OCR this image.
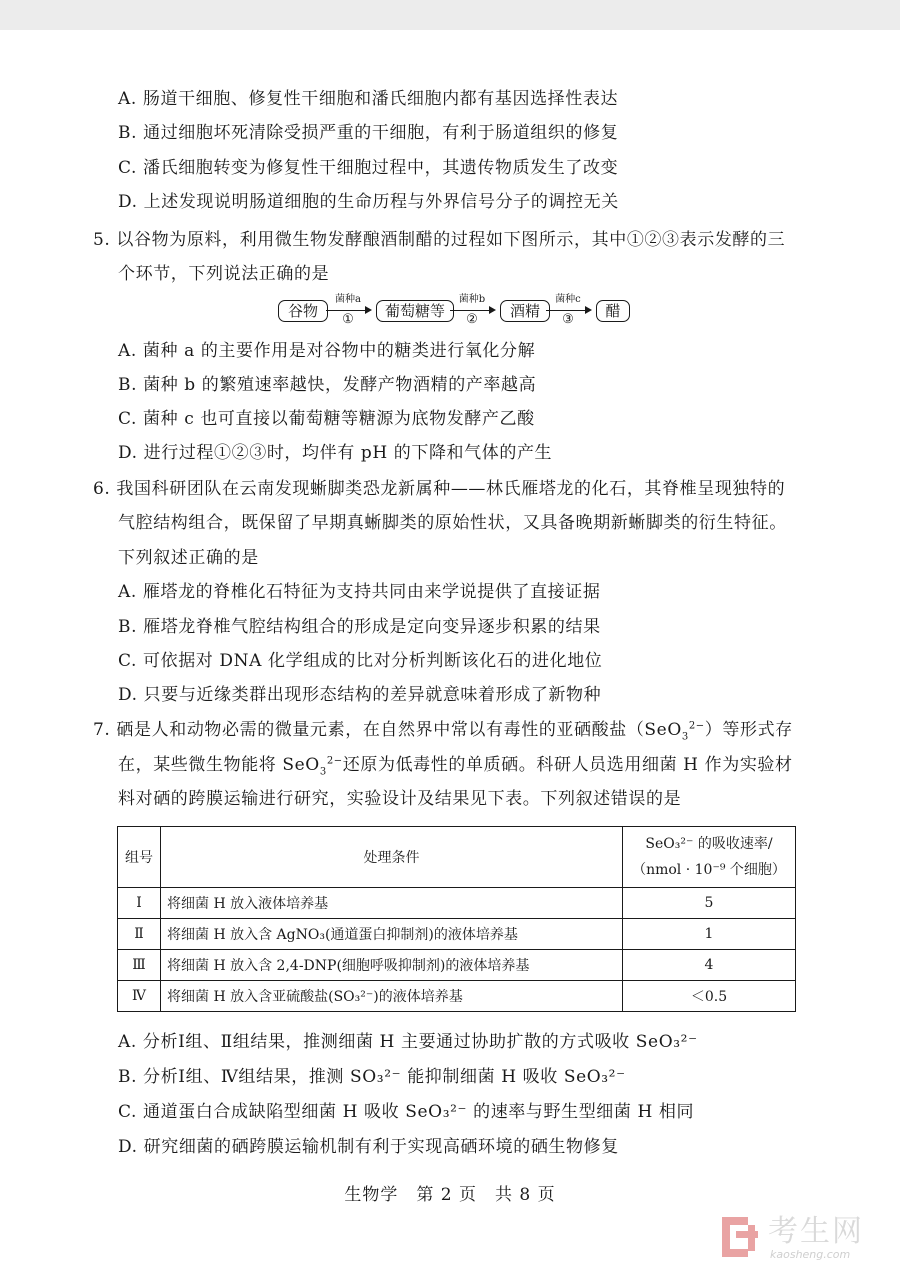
A. 肠道干细胞、修复性干细胞和潘氏细胞内都有基因选择性表达
B. 通过细胞坏死清除受损严重的干细胞，有利于肠道组织的修复
C. 潘氏细胞转变为修复性干细胞过程中，其遗传物质发生了改变
D. 上述发现说明肠道细胞的生命历程与外界信号分子的调控无关
5. 以谷物为原料，利用微生物发酵酿酒制醋的过程如下图所示，其中①②③表示发酵的三
个环节，下列说法正确的是
谷物
菌种a
①	葡萄糖等
菌种b
②	酒精
菌种c
③	醋
A. 菌种 a 的主要作用是对谷物中的糖类进行氧化分解
B. 菌种 b 的繁殖速率越快，发酵产物酒精的产率越高
C. 菌种 c 也可直接以葡萄糖等糖源为底物发酵产乙酸
D. 进行过程①②③时，均伴有 pH 的下降和气体的产生
6. 我国科研团队在云南发现蜥脚类恐龙新属种——林氏雁塔龙的化石，其脊椎呈现独特的
气腔结构组合，既保留了早期真蜥脚类的原始性状，又具备晚期新蜥脚类的衍生特征。
下列叙述正确的是
A. 雁塔龙的脊椎化石特征为支持共同由来学说提供了直接证据
B. 雁塔龙脊椎气腔结构组合的形成是定向变异逐步积累的结果
C. 可依据对 DNA 化学组成的比对分析判断该化石的进化地位
D. 只要与近缘类群出现形态结构的差异就意味着形成了新物种
7. 硒是人和动物必需的微量元素，在自然界中常以有毒性的亚硒酸盐（SeO$_3^{2-}$）等形式存
在，某些微生物能将 SeO$_3^{2-}$还原为低毒性的单质硒。科研人员选用细菌 H 作为实验材
料对硒的跨膜运输进行研究，实验设计及结果见下表。下列叙述错误的是
组号	处理条件	SeO₃²⁻ 的吸收速率/
（nmol · 10⁻⁹ 个细胞）

Ⅰ	将细菌 H 放入液体培养基	5
Ⅱ	将细菌 H 放入含 AgNO₃(通道蛋白抑制剂)的液体培养基	1
Ⅲ	将细菌 H 放入含 2,4-DNP(细胞呼吸抑制剂)的液体培养基	4
Ⅳ	将细菌 H 放入含亚硫酸盐(SO₃²⁻)的液体培养基	＜0.5
A. 分析Ⅰ组、Ⅱ组结果，推测细菌 H 主要通过协助扩散的方式吸收 SeO₃²⁻
B. 分析Ⅰ组、Ⅳ组结果，推测 SO₃²⁻ 能抑制细菌 H 吸收 SeO₃²⁻
C. 通道蛋白合成缺陷型细菌 H 吸收 SeO₃²⁻ 的速率与野生型细菌 H 相同
D. 研究细菌的硒跨膜运输机制有利于实现高硒环境的硒生物修复
生物学　第 2 页　共 8 页
考生网
kaosheng.com
